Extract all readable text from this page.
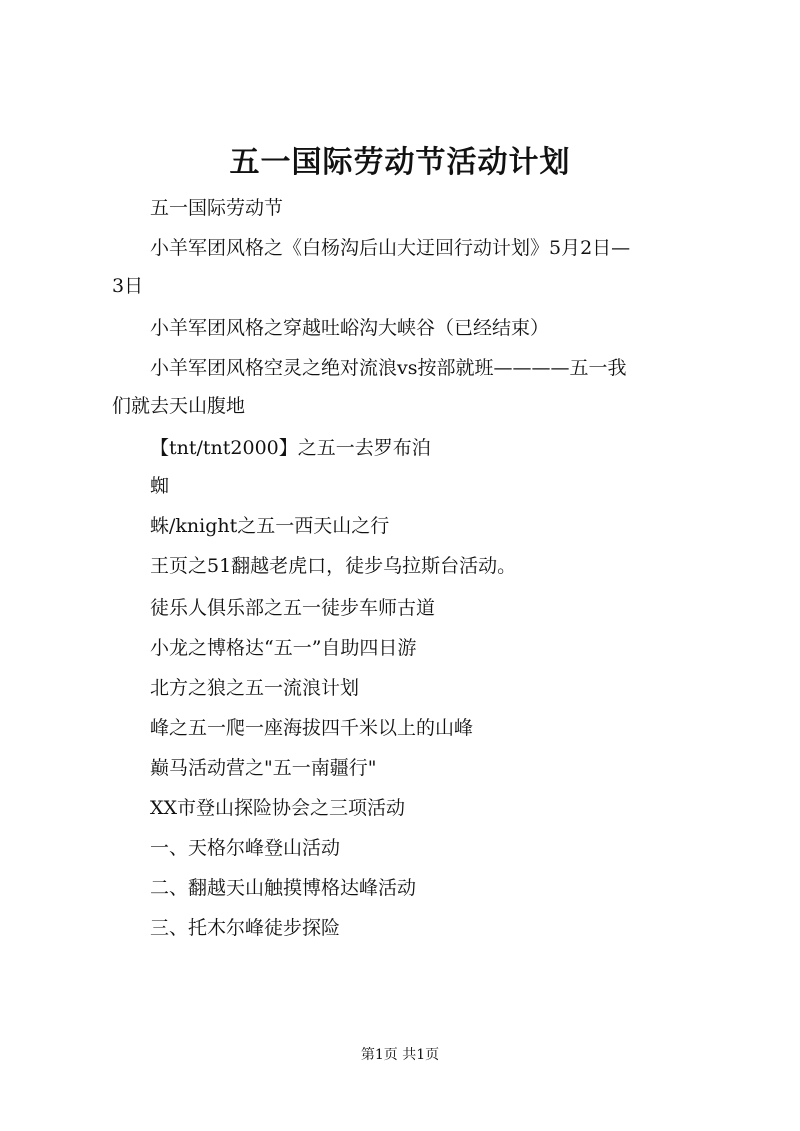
五一国际劳动节活动计划
五一国际劳动节
小羊军团风格之《白杨沟后山大迂回行动计划》5月2日—
3日
小羊军团风格之穿越吐峪沟大峡谷（已经结束）
小羊军团风格空灵之绝对流浪vs按部就班————五一我
们就去天山腹地
【tnt/tnt2000】之五一去罗布泊
蜘
蛛/knight之五一西天山之行
王页之51翻越老虎口，徒步乌拉斯台活动。
徒乐人俱乐部之五一徒步车师古道
小龙之博格达“五一”自助四日游
北方之狼之五一流浪计划
峰之五一爬一座海拔四千米以上的山峰
巅马活动营之"五一南疆行"
XX市登山探险协会之三项活动
一、天格尔峰登山活动
二、翻越天山触摸博格达峰活动
三、托木尔峰徒步探险
第1页 共1页
